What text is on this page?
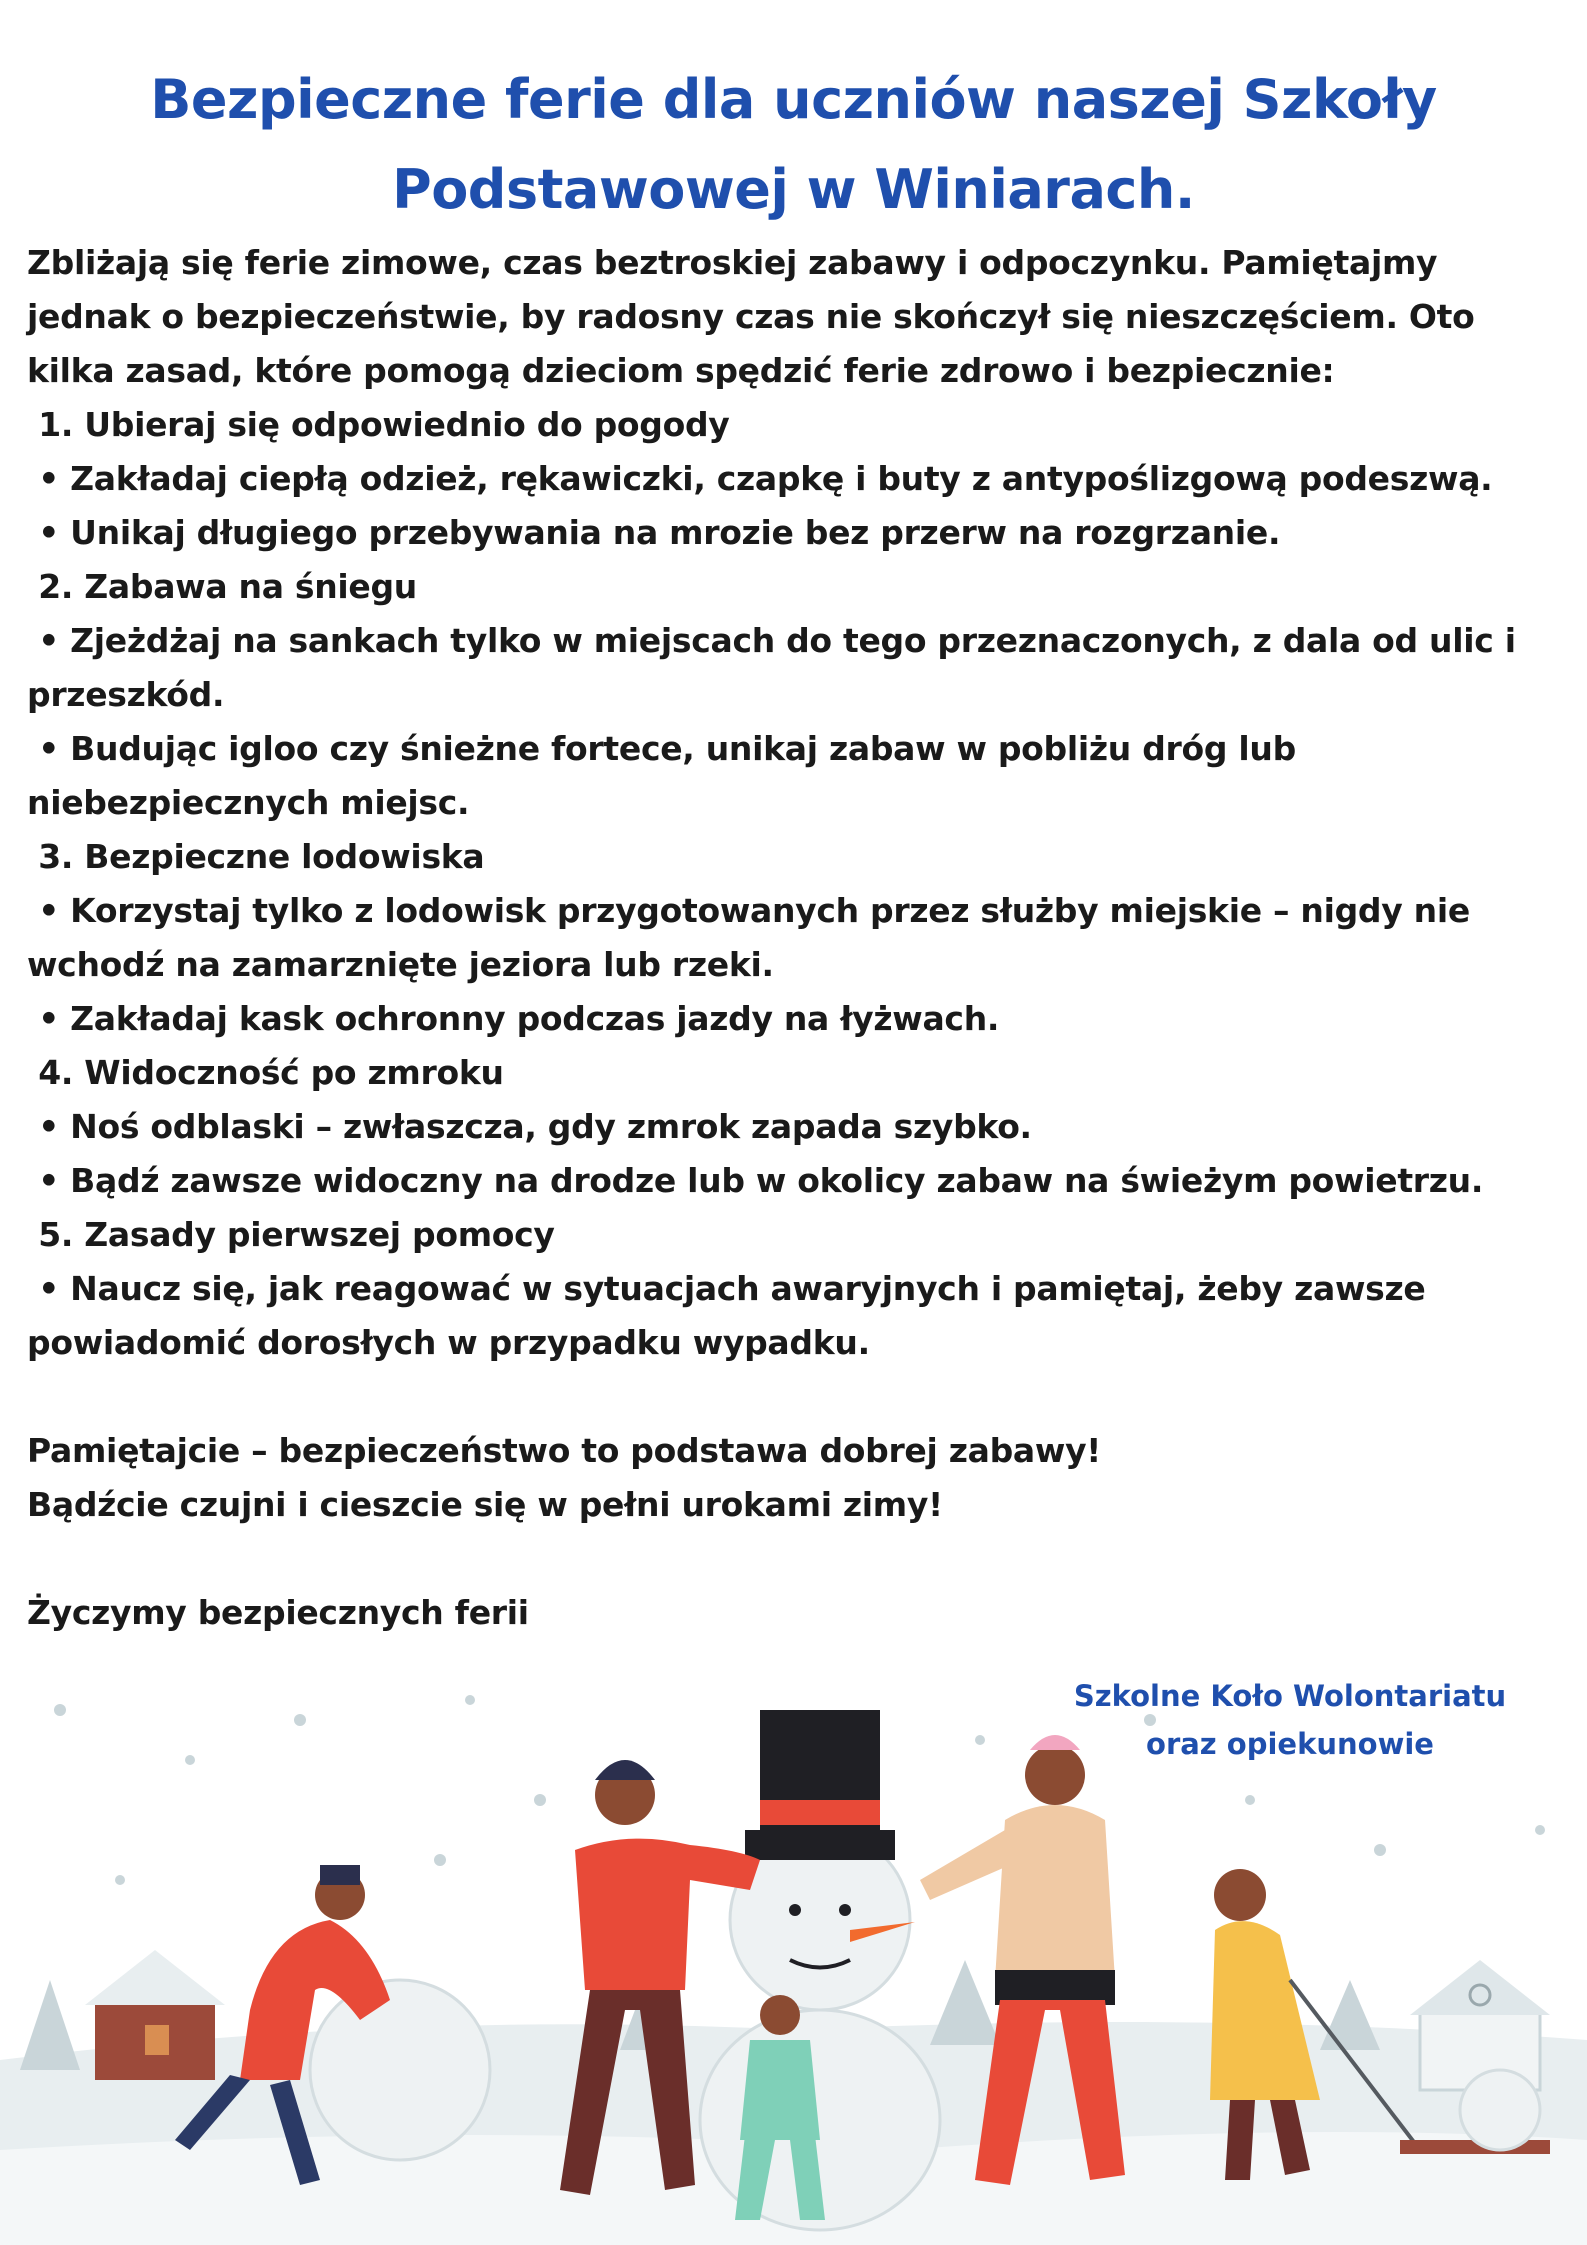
Bezpieczne ferie dla uczniów naszej Szkoły
Podstawowej w Winiarach.
Zbliżają się ferie zimowe, czas beztroskiej zabawy i odpoczynku. Pamiętajmy
jednak o bezpieczeństwie, by radosny czas nie skończył się nieszczęściem. Oto
kilka zasad, które pomogą dzieciom spędzić ferie zdrowo i bezpiecznie:
1. Ubieraj się odpowiednio do pogody
• Zakładaj ciepłą odzież, rękawiczki, czapkę i buty z antypoślizgową podeszwą.
• Unikaj długiego przebywania na mrozie bez przerw na rozgrzanie.
2. Zabawa na śniegu
• Zjeżdżaj na sankach tylko w miejscach do tego przeznaczonych, z dala od ulic i
przeszkód.
• Budując igloo czy śnieżne fortece, unikaj zabaw w pobliżu dróg lub
niebezpiecznych miejsc.
3. Bezpieczne lodowiska
• Korzystaj tylko z lodowisk przygotowanych przez służby miejskie – nigdy nie
wchodź na zamarznięte jeziora lub rzeki.
• Zakładaj kask ochronny podczas jazdy na łyżwach.
4. Widoczność po zmroku
• Noś odblaski – zwłaszcza, gdy zmrok zapada szybko.
• Bądź zawsze widoczny na drodze lub w okolicy zabaw na świeżym powietrzu.
5. Zasady pierwszej pomocy
• Naucz się, jak reagować w sytuacjach awaryjnych i pamiętaj, żeby zawsze
powiadomić dorosłych w przypadku wypadku.
Pamiętajcie – bezpieczeństwo to podstawa dobrej zabawy!
Bądźcie czujni i cieszcie się w pełni urokami zimy!
Życzymy bezpiecznych ferii
Szkolne Koło Wolontariatu
oraz opiekunowie
